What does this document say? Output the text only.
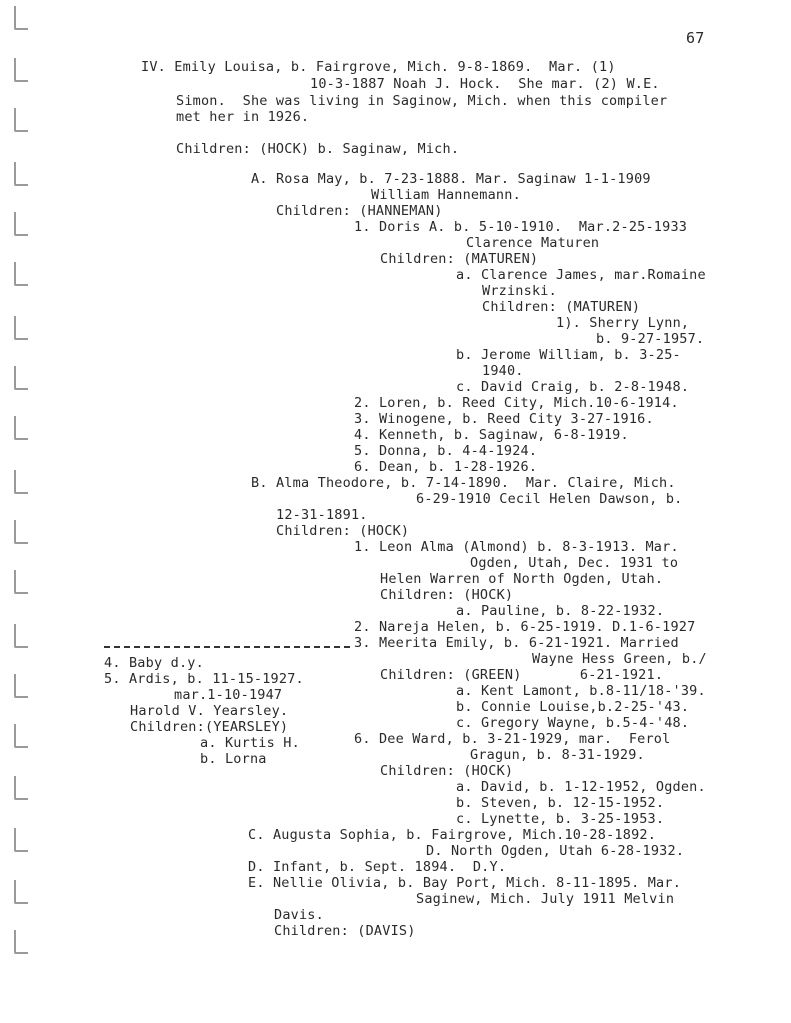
67
IV. Emily Louisa, b. Fairgrove, Mich. 9-8-1869.  Mar. (1)
10-3-1887 Noah J. Hock.  She mar. (2) W.E.
Simon.  She was living in Saginow, Mich. when this compiler
met her in 1926.
Children: (HOCK) b. Saginaw, Mich.
A. Rosa May, b. 7-23-1888. Mar. Saginaw 1-1-1909
William Hannemann.
Children: (HANNEMAN)
1. Doris A. b. 5-10-1910.  Mar.2-25-1933
Clarence Maturen
Children: (MATUREN)
a. Clarence James, mar.Romaine
Wrzinski.
Children: (MATUREN)
1). Sherry Lynn,
b. 9-27-1957.
b. Jerome William, b. 3-25-
1940.
c. David Craig, b. 2-8-1948.
2. Loren, b. Reed City, Mich.10-6-1914.
3. Winogene, b. Reed City 3-27-1916.
4. Kenneth, b. Saginaw, 6-8-1919.
5. Donna, b. 4-4-1924.
6. Dean, b. 1-28-1926.
B. Alma Theodore, b. 7-14-1890.  Mar. Claire, Mich.
6-29-1910 Cecil Helen Dawson, b.
12-31-1891.
Children: (HOCK)
1. Leon Alma (Almond) b. 8-3-1913. Mar.
Ogden, Utah, Dec. 1931 to
Helen Warren of North Ogden, Utah.
Children: (HOCK)
a. Pauline, b. 8-22-1932.
2. Nareja Helen, b. 6-25-1919. D.1-6-1927
3. Meerita Emily, b. 6-21-1921. Married
Wayne Hess Green, b./
Children: (GREEN)       6-21-1921.
a. Kent Lamont, b.8-11/18-'39.
b. Connie Louise,b.2-25-'43.
c. Gregory Wayne, b.5-4-'48.
6. Dee Ward, b. 3-21-1929, mar.  Ferol
Gragun, b. 8-31-1929.
Children: (HOCK)
a. David, b. 1-12-1952, Ogden.
b. Steven, b. 12-15-1952.
c. Lynette, b. 3-25-1953.
C. Augusta Sophia, b. Fairgrove, Mich.10-28-1892.
D. North Ogden, Utah 6-28-1932.
D. Infant, b. Sept. 1894.  D.Y.
E. Nellie Olivia, b. Bay Port, Mich. 8-11-1895. Mar.
Saginew, Mich. July 1911 Melvin
Davis.
Children: (DAVIS)
4. Baby d.y.
5. Ardis, b. 11-15-1927.
mar.1-10-1947
Harold V. Yearsley.
Children:(YEARSLEY)
a. Kurtis H.
b. Lorna
